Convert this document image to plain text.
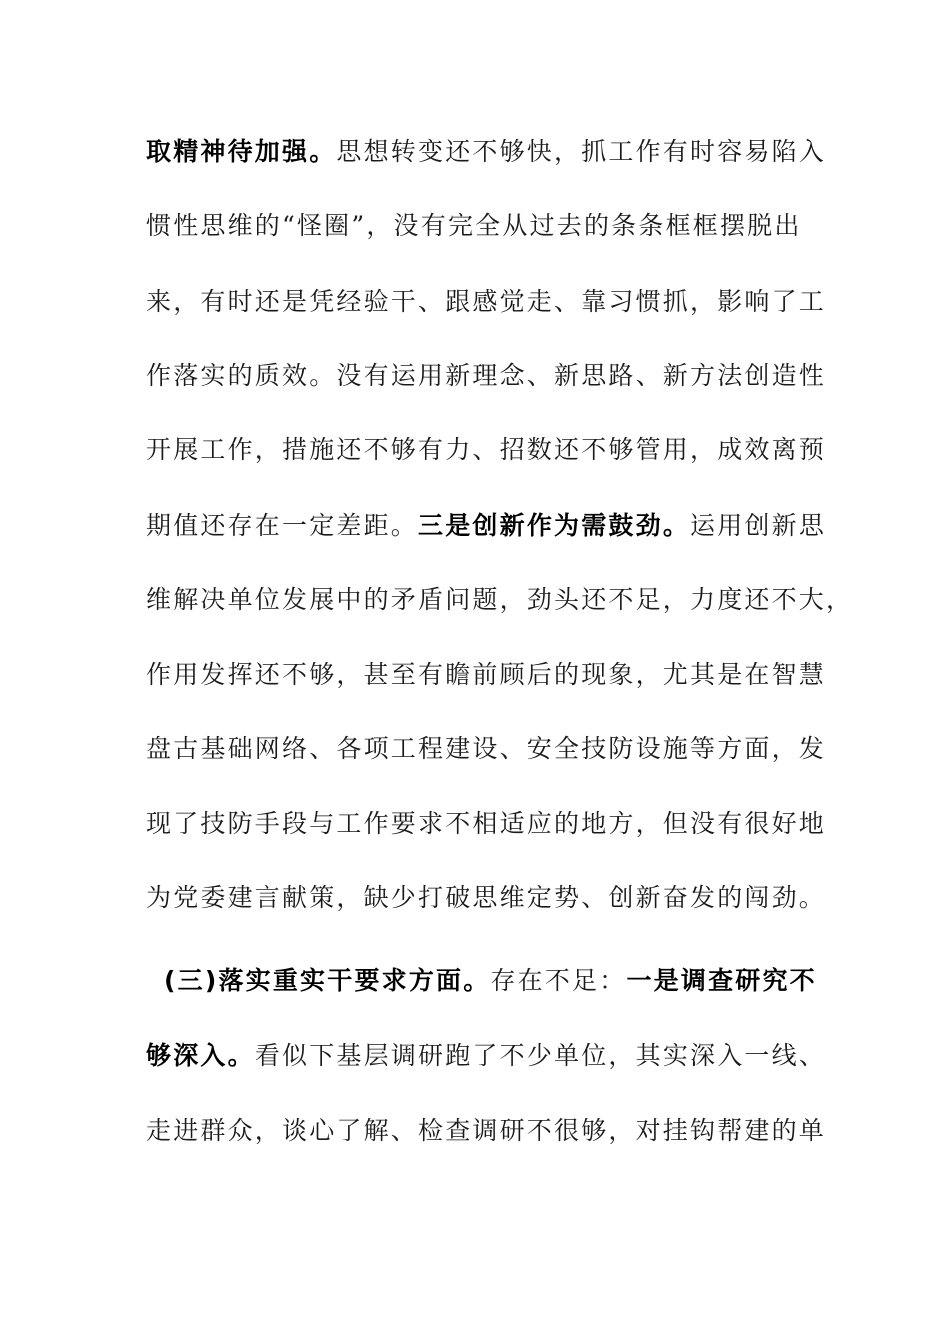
取精神待加强。思想转变还不够快，抓工作有时容易陷入
惯性思维的“怪圈”，没有完全从过去的条条框框摆脱出
来，有时还是凭经验干、跟感觉走、靠习惯抓，影响了工
作落实的质效。没有运用新理念、新思路、新方法创造性
开展工作，措施还不够有力、招数还不够管用，成效离预
期值还存在一定差距。三是创新作为需鼓劲。运用创新思
维解决单位发展中的矛盾问题，劲头还不足，力度还不大，
作用发挥还不够，甚至有瞻前顾后的现象，尤其是在智慧
盘古基础网络、各项工程建设、安全技防设施等方面，发
现了技防手段与工作要求不相适应的地方，但没有很好地
为党委建言献策，缺少打破思维定势、创新奋发的闯劲。
(三)落实重实干要求方面。存在不足：一是调查研究不
够深入。看似下基层调研跑了不少单位，其实深入一线、
走进群众，谈心了解、检查调研不很够，对挂钩帮建的单
